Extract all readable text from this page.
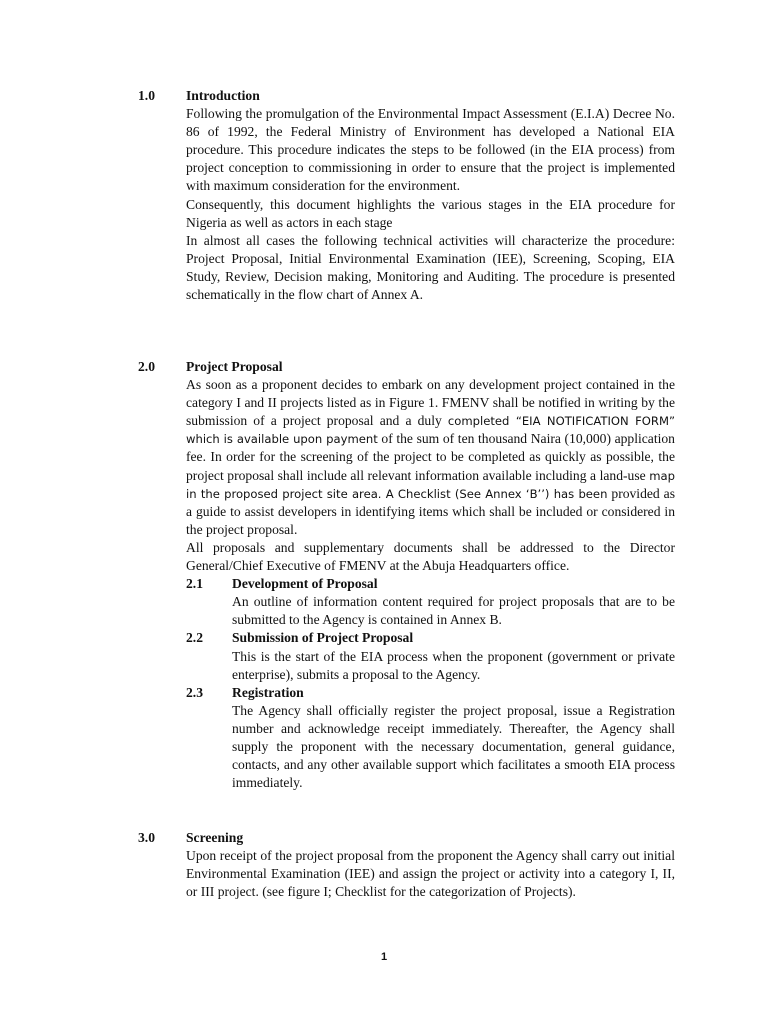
1.0 Introduction

Following the promulgation of the Environmental Impact Assessment (E.I.A) Decree No. 86 of 1992, the Federal Ministry of Environment has developed a National EIA procedure. This procedure indicates the steps to be followed (in the EIA process) from project conception to commissioning in order to ensure that the project is implemented with maximum consideration for the environment.

Consequently, this document highlights the various stages in the EIA procedure for Nigeria as well as actors in each stage

In almost all cases the following technical activities will characterize the procedure: Project Proposal, Initial Environmental Examination (IEE), Screening, Scoping, EIA Study, Review, Decision making, Monitoring and Auditing. The procedure is presented schematically in the flow chart of Annex A.

2.0 Project Proposal

As soon as a proponent decides to embark on any development project contained in the category I and II projects listed as in Figure 1. FMENV shall be notified in writing by the submission of a project proposal and a duly completed “EIA NOTIFICATION FORM” which is available upon payment of the sum of ten thousand Naira (10,000) application fee. In order for the screening of the project to be completed as quickly as possible, the project proposal shall include all relevant information available including a land-use map in the proposed project site area. A Checklist (See Annex ‘B’’) has been provided as a guide to assist developers in identifying items which shall be included or considered in the project proposal.

All proposals and supplementary documents shall be addressed to the Director General/Chief Executive of FMENV at the Abuja Headquarters office.

2.1 Development of Proposal

An outline of information content required for project proposals that are to be submitted to the Agency is contained in Annex B.

2.2 Submission of Project Proposal

This is the start of the EIA process when the proponent (government or private enterprise), submits a proposal to the Agency.

2.3 Registration

The Agency shall officially register the project proposal, issue a Registration number and acknowledge receipt immediately. Thereafter, the Agency shall supply the proponent with the necessary documentation, general guidance, contacts, and any other available support which facilitates a smooth EIA process immediately.

3.0 Screening

Upon receipt of the project proposal from the proponent the Agency shall carry out initial Environmental Examination (IEE) and assign the project or activity into a category I, II, or III project. (see figure I; Checklist for the categorization of Projects).

1
